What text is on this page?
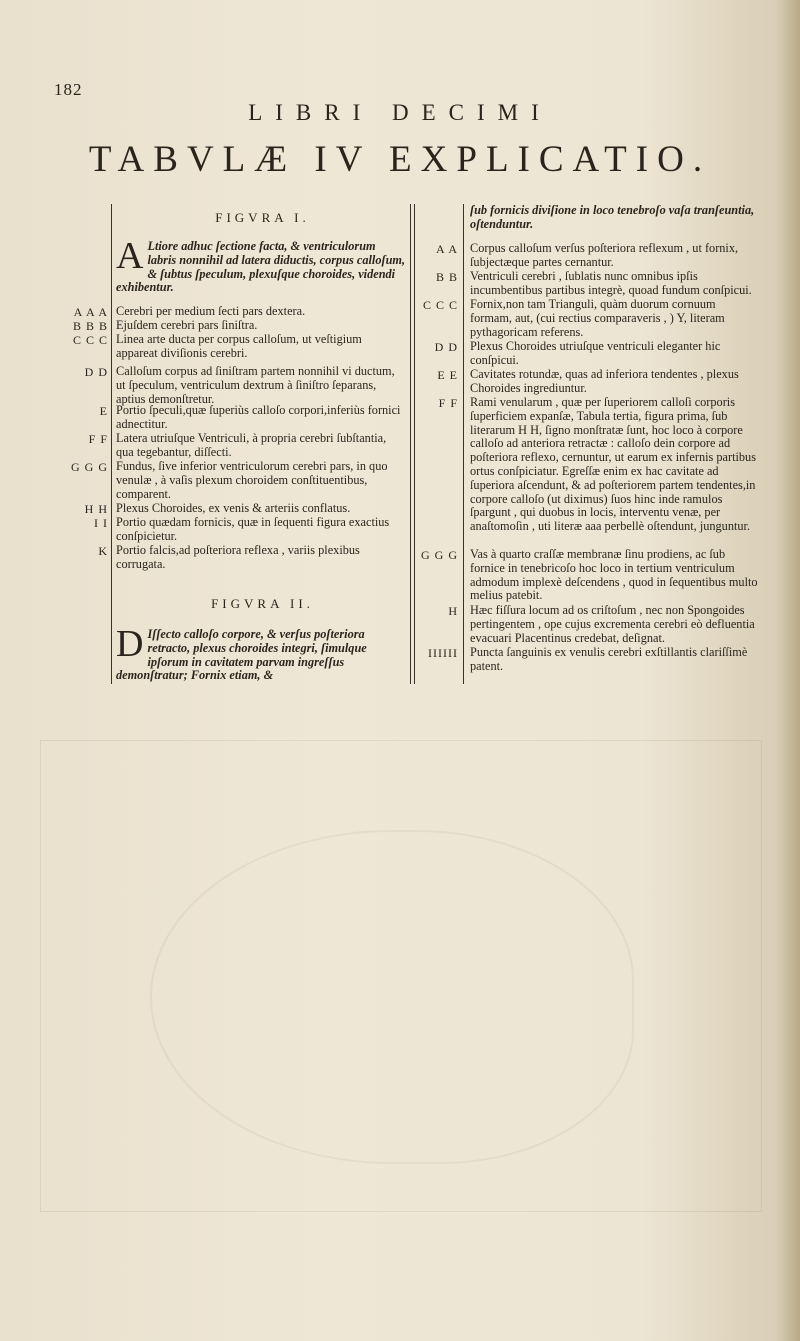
182
LIBRI DECIMI
TABVLÆ IV EXPLICATIO.
FIGVRA I.
A Ltiore adhuc ſectione facta, & ventriculorum labris nonnihil ad latera diductis, corpus calloſum, & ſubtus ſpeculum, plexuſque choroides, videndi exhibentur.
A A A Cerebri per medium ſecti pars dextera.
B B B Ejuſdem cerebri pars ſiniſtra.
C C C Linea arte ducta per corpus calloſum, ut veſtigium appareat diviſionis cerebri.
D D Calloſum corpus ad ſiniſtram partem nonnihil vi ductum, ut ſpeculum, ventriculum dextrum à ſiniſtro ſeparans, aptius demonſtretur.
E Portio ſpeculi,quæ ſuperiùs calloſo corpori,inferiùs fornici adnectitur.
F F Latera utriuſque Ventriculi, à propria cerebri ſubſtantia, qua tegebantur, diſſecti.
G G G Fundus, ſive inferior ventriculorum cerebri pars, in quo venulæ , à vaſis plexum choroidem conſtituentibus, comparent.
H H Plexus Choroides, ex venis & arteriis conflatus.
I I Portio quædam fornicis, quæ in ſequenti figura exactius conſpicietur.
K Portio falcis,ad poſteriora reflexa , variis plexibus corrugata.
FIGVRA II.
D Iſſecto calloſo corpore, & verſus poſteriora retracto, plexus choroides integri, ſimulque ipſorum in cavitatem parvam ingreſſus demonſtratur; Fornix etiam, &
ſub fornicis diviſione in loco tenebroſo vaſa tranſeuntia, oſtenduntur.
A A Corpus calloſum verſus poſteriora reflexum , ut fornix, ſubjectæque partes cernantur.
B B Ventriculi cerebri , ſublatis nunc omnibus ipſis incumbentibus partibus integrè, quoad fundum conſpicui.
C C C Fornix,non tam Trianguli, quàm duorum cornuum formam, aut, (cui rectius comparaveris , ) Y, literam pythagoricam referens.
D D Plexus Choroides utriuſque ventriculi eleganter hic conſpicui.
E E Cavitates rotundæ, quas ad inferiora tendentes , plexus Choroides ingrediuntur.
F F Rami venularum , quæ per ſuperiorem calloſi corporis ſuperficiem expanſæ, Tabula tertia, figura prima, ſub literarum H H, ſigno monſtratæ ſunt, hoc loco à corpore calloſo ad anteriora retractæ : calloſo dein corpore ad poſteriora reflexo, cernuntur, ut earum ex infernis partibus ortus conſpiciatur. Egreſſæ enim ex hac cavitate ad ſuperiora aſcendunt, & ad poſteriorem partem tendentes,in corpore calloſo (ut diximus) ſuos hinc inde ramulos ſpargunt , qui duobus in locis, interventu venæ, per anaſtomoſin , uti literæ aaa perbellè oſtendunt, junguntur.
G G G Vas à quarto craſſæ membranæ ſinu prodiens, ac ſub fornice in tenebricoſo hoc loco in tertium ventriculum admodum implexè deſcendens , quod in ſequentibus multo melius patebit.
H Hæc fiſſura locum ad os criſtoſum , nec non Spongoides pertingentem , ope cujus excrementa cerebri eò defluentia evacuari Placentinus credebat, deſignat.
IIIIII Puncta ſanguinis ex venulis cerebri exſtillantis clariſſimè patent.
